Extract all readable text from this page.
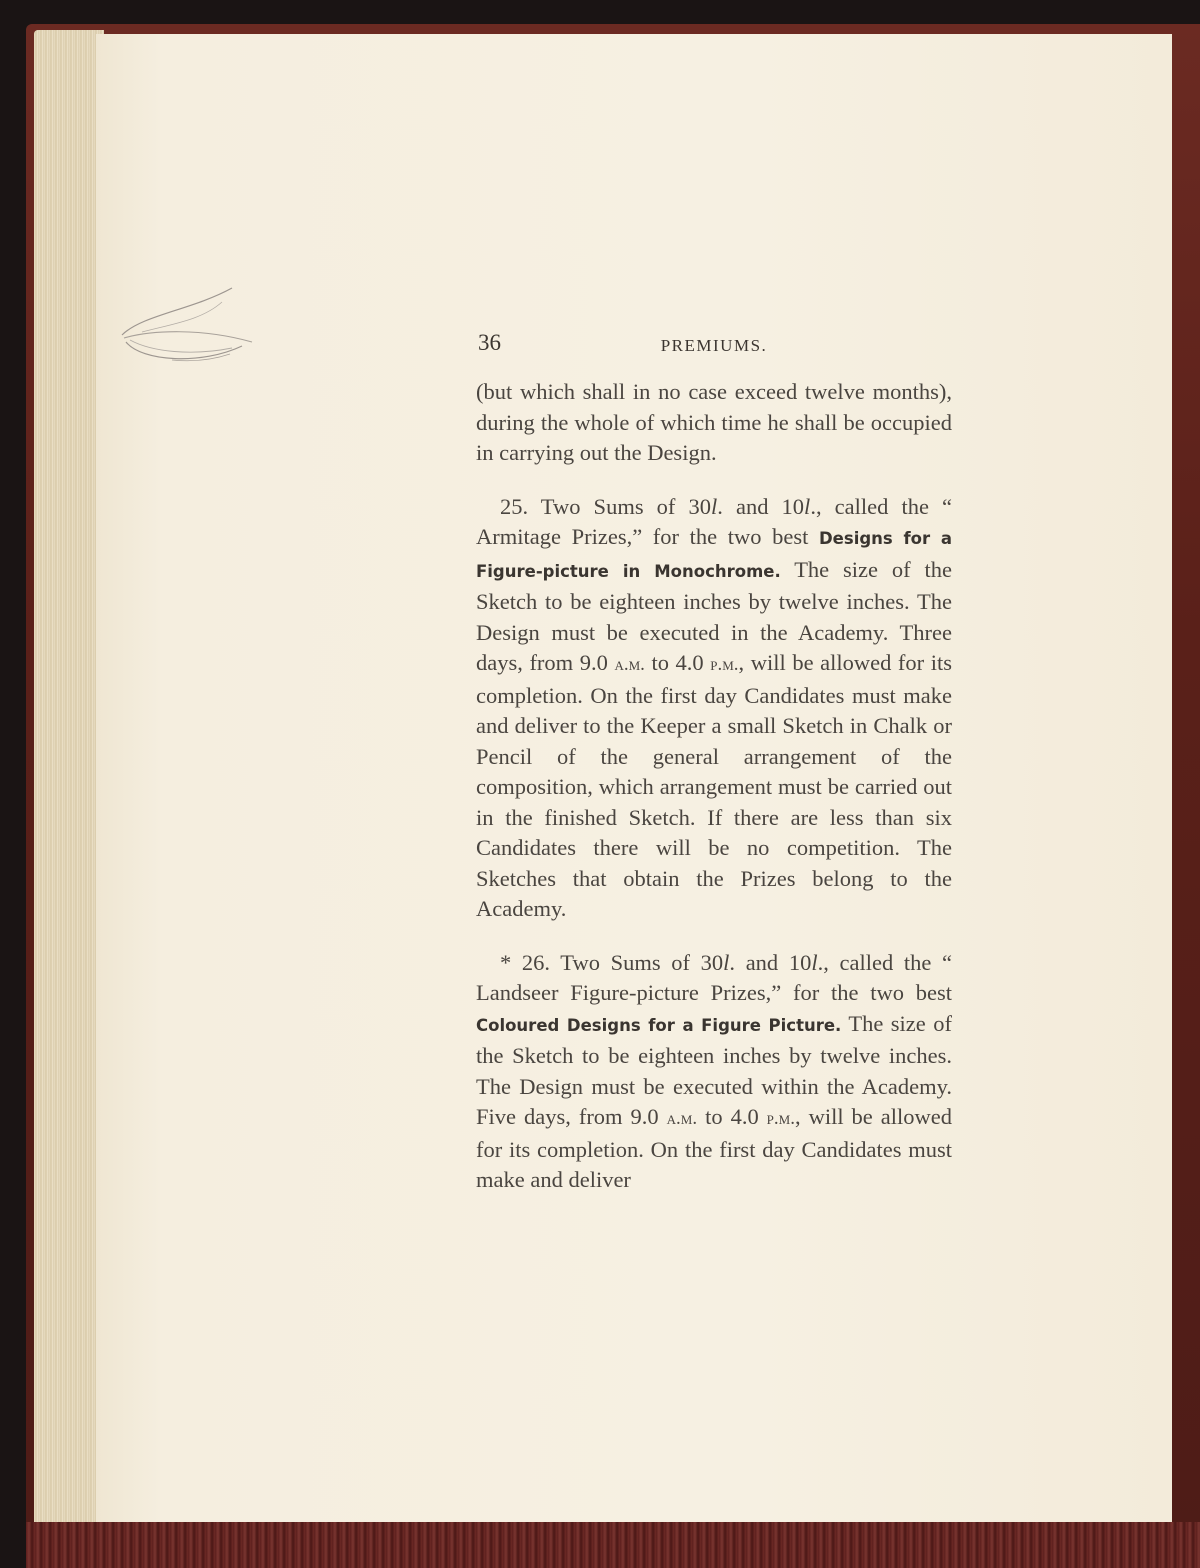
36	PREMIUMS.

(but which shall in no case exceed twelve months), during the whole of which time he shall be occupied in carrying out the Design.

25. Two Sums of 30l. and 10l., called the “ Armitage Prizes,” for the two best Designs for a Figure-picture in Monochrome. The size of the Sketch to be eighteen inches by twelve inches. The Design must be executed in the Academy. Three days, from 9.0 a.m. to 4.0 p.m., will be allowed for its completion. On the first day Candidates must make and deliver to the Keeper a small Sketch in Chalk or Pencil of the general arrangement of the composition, which arrangement must be carried out in the finished Sketch. If there are less than six Candidates there will be no competition. The Sketches that obtain the Prizes belong to the Academy.

* 26. Two Sums of 30l. and 10l., called the “ Landseer Figure-picture Prizes,” for the two best Coloured Designs for a Figure Picture. The size of the Sketch to be eighteen inches by twelve inches. The Design must be executed within the Academy. Five days, from 9.0 a.m. to 4.0 p.m., will be allowed for its completion. On the first day Candidates must make and deliver
